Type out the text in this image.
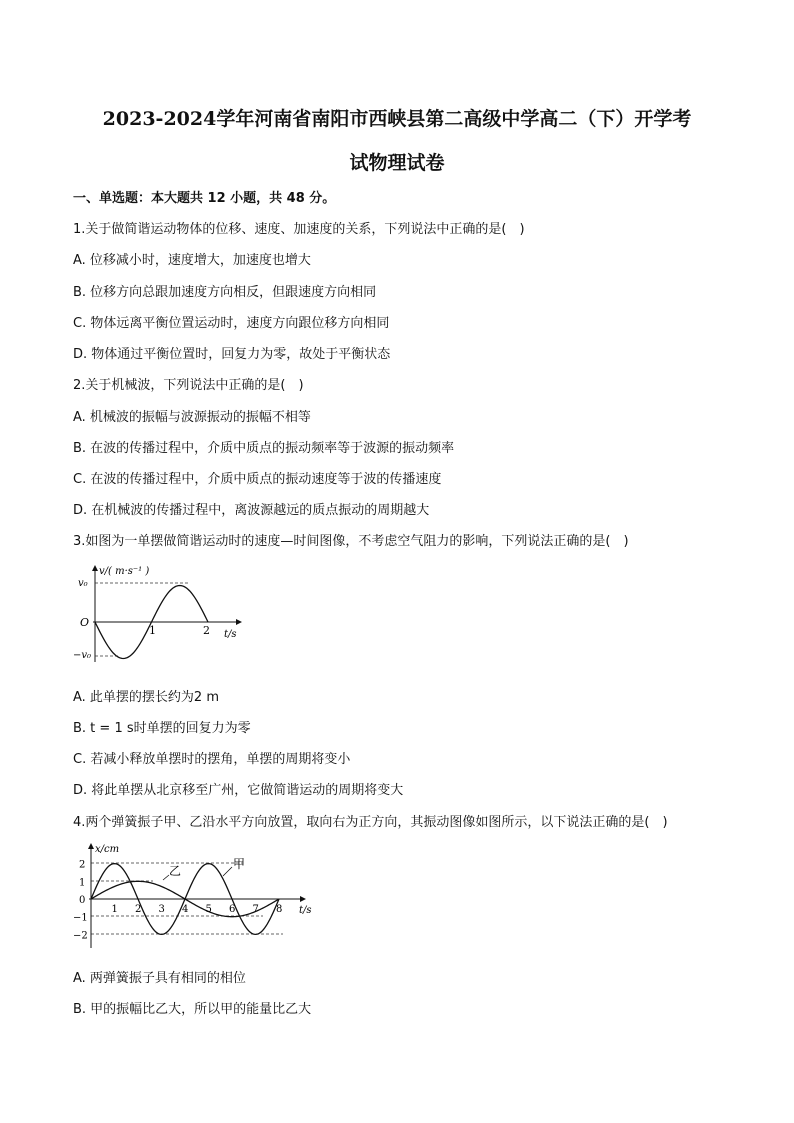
2023-2024学年河南省南阳市西峡县第二高级中学高二（下）开学考
试物理试卷
一、单选题：本大题共 12 小题，共 48 分。
1.关于做简谐运动物体的位移、速度、加速度的关系，下列说法中正确的是(　)
A. 位移减小时，速度增大，加速度也增大
B. 位移方向总跟加速度方向相反，但跟速度方向相同
C. 物体远离平衡位置运动时，速度方向跟位移方向相同
D. 物体通过平衡位置时，回复力为零，故处于平衡状态
2.关于机械波，下列说法中正确的是(　)
A. 机械波的振幅与波源振动的振幅不相等
B. 在波的传播过程中，介质中质点的振动频率等于波源的振动频率
C. 在波的传播过程中，介质中质点的振动速度等于波的传播速度
D. 在机械波的传播过程中，离波源越远的质点振动的周期越大
3.如图为一单摆做简谐运动时的速度—时间图像，不考虑空气阻力的影响，下列说法正确的是(　)
v/( m·s⁻¹ )
v₀
O
−v₀
1	2 t/s
A. 此单摆的摆长约为2 m
B. t = 1 s时单摆的回复力为零
C. 若减小释放单摆时的摆角，单摆的周期将变小
D. 将此单摆从北京移至广州，它做简谐运动的周期将变大
4.两个弹簧振子甲、乙沿水平方向放置，取向右为正方向，其振动图像如图所示，以下说法正确的是(　)
x/cm
乙	甲
1 2 3 4 5 6 7 8
2
1
0
−1
−2
t/s
A. 两弹簧振子具有相同的相位
B. 甲的振幅比乙大，所以甲的能量比乙大
